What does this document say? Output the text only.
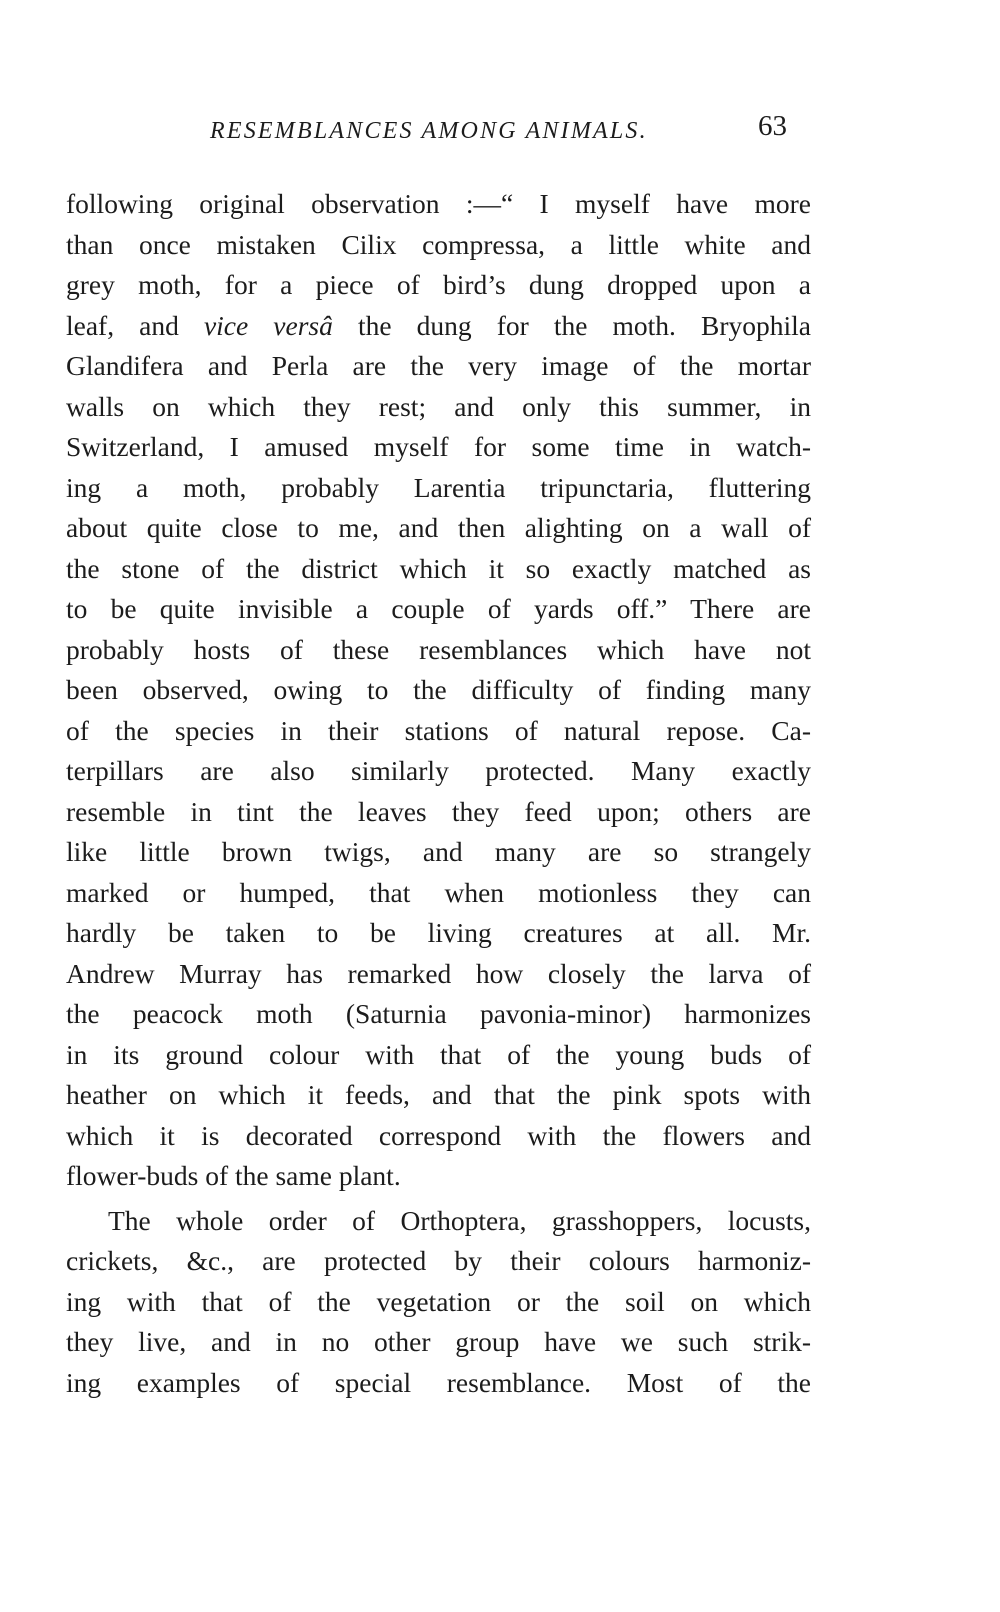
RESEMBLANCES AMONG ANIMALS.	63
following original observation :—“ I myself have more
than once mistaken Cilix compressa, a little white and
grey moth, for a piece of bird’s dung dropped upon a
leaf, and vice versâ the dung for the moth. Bryophila
Glandifera and Perla are the very image of the mortar
walls on which they rest; and only this summer, in
Switzerland, I amused myself for some time in watch-
ing a moth, probably Larentia tripunctaria, fluttering
about quite close to me, and then alighting on a wall of
the stone of the district which it so exactly matched as
to be quite invisible a couple of yards off.” There are
probably hosts of these resemblances which have not
been observed, owing to the difficulty of finding many
of the species in their stations of natural repose. Ca-
terpillars are also similarly protected. Many exactly
resemble in tint the leaves they feed upon; others are
like little brown twigs, and many are so strangely
marked or humped, that when motionless they can
hardly be taken to be living creatures at all. Mr.
Andrew Murray has remarked how closely the larva of
the peacock moth (Saturnia pavonia-minor) harmonizes
in its ground colour with that of the young buds of
heather on which it feeds, and that the pink spots with
which it is decorated correspond with the flowers and
flower-buds of the same plant.
The whole order of Orthoptera, grasshoppers, locusts,
crickets, &c., are protected by their colours harmoniz-
ing with that of the vegetation or the soil on which
they live, and in no other group have we such strik-
ing examples of special resemblance. Most of the
